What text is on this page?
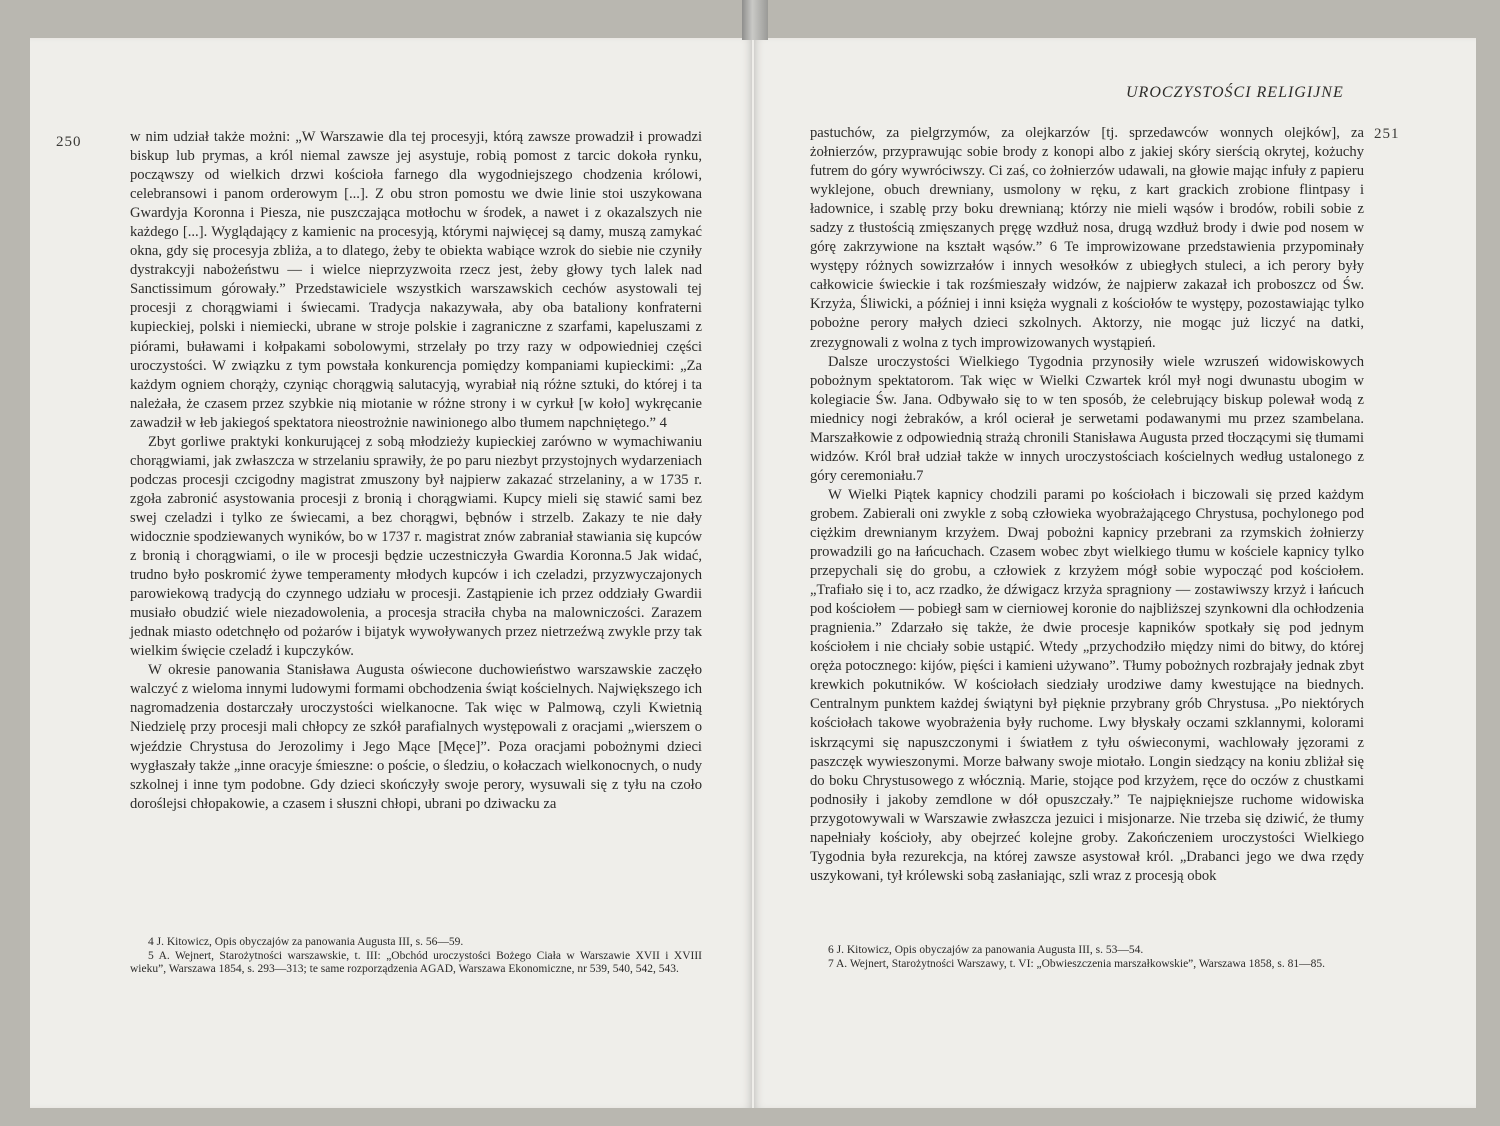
250	w nim udział także możni: „W Warszawie dla tej procesyji, którą zawsze prowadził i prowadzi biskup lub prymas, a król niemal zawsze jej asystuje, robią pomost z tarcic dokoła rynku, począwszy od wielkich drzwi kościoła farnego dla wygodniejszego chodzenia królowi, celebransowi i panom orderowym [...]. Z obu stron pomostu we dwie linie stoi uszykowana Gwardyja Koronna i Piesza, nie puszczająca motłochu w środek, a nawet i z okazalszych nie każdego [...]. Wyglądający z kamienic na procesyją, którymi najwięcej są damy, muszą zamykać okna, gdy się procesyja zbliża, a to dlatego, żeby te obiekta wabiące wzrok do siebie nie czyniły dystrakcyji nabożeństwu — i wielce nieprzyzwoita rzecz jest, żeby głowy tych lalek nad Sanctissimum górowały.” Przedstawiciele wszystkich warszawskich cechów asystowali tej procesji z chorągwiami i świecami. Tradycja nakazywała, aby oba bataliony konfraterni kupieckiej, polski i niemiecki, ubrane w stroje polskie i zagraniczne z szarfami, kapeluszami z piórami, buławami i kołpakami sobolowymi, strzelały po trzy razy w odpowiedniej części uroczystości. W związku z tym powstała konkurencja pomiędzy kompaniami kupieckimi: „Za każdym ogniem chorąży, czyniąc chorągwią salutacyją, wyrabiał nią różne sztuki, do której i ta należała, że czasem przez szybkie nią miotanie w różne strony i w cyrkuł [w koło] wykręcanie zawadził w łeb jakiegoś spektatora nieostrożnie nawinionego albo tłumem napchniętego.” 4

Zbyt gorliwe praktyki konkurującej z sobą młodzieży kupieckiej zarówno w wymachiwaniu chorągwiami, jak zwłaszcza w strzelaniu sprawiły, że po paru niezbyt przystojnych wydarzeniach podczas procesji czcigodny magistrat zmuszony był najpierw zakazać strzelaniny, a w 1735 r. zgoła zabronić asystowania procesji z bronią i chorągwiami. Kupcy mieli się stawić sami bez swej czeladzi i tylko ze świecami, a bez chorągwi, bębnów i strzelb. Zakazy te nie dały widocznie spodziewanych wyników, bo w 1737 r. magistrat znów zabraniał stawiania się kupców z bronią i chorągwiami, o ile w procesji będzie uczestniczyła Gwardia Koronna.5 Jak widać, trudno było poskromić żywe temperamenty młodych kupców i ich czeladzi, przyzwyczajonych parowiekową tradycją do czynnego udziału w procesji. Zastąpienie ich przez oddziały Gwardii musiało obudzić wiele niezadowolenia, a procesja straciła chyba na malowniczości. Zarazem jednak miasto odetchnęło od pożarów i bijatyk wywoływanych przez nietrzeźwą zwykle przy tak wielkim święcie czeladź i kupczyków.

W okresie panowania Stanisława Augusta oświecone duchowieństwo warszawskie zaczęło walczyć z wieloma innymi ludowymi formami obchodzenia świąt kościelnych. Największego ich nagromadzenia dostarczały uroczystości wielkanocne. Tak więc w Palmową, czyli Kwietnią Niedzielę przy procesji mali chłopcy ze szkół parafialnych występowali z oracjami „wierszem o wjeździe Chrystusa do Jerozolimy i Jego Mące [Męce]”. Poza oracjami pobożnymi dzieci wygłaszały także „inne oracyje śmieszne: o poście, o śledziu, o kołaczach wielkonocnych, o nudy szkolnej i inne tym podobne. Gdy dzieci skończyły swoje perory, wysuwali się z tyłu na czoło doroślejsi chłopakowie, a czasem i słuszni chłopi, ubrani po dziwacku za

4 J. Kitowicz, Opis obyczajów za panowania Augusta III, s. 56—59.

5 A. Wejnert, Starożytności warszawskie, t. III: „Obchód uroczystości Bożego Ciała w Warszawie XVII i XVIII wieku”, Warszawa 1854, s. 293—313; te same rozporządzenia AGAD, Warszawa Ekonomiczne, nr 539, 540, 542, 543.

UROCZYSTOŚCI RELIGIJNE
251

pastuchów, za pielgrzymów, za olejkarzów [tj. sprzedawców wonnych olejków], za żołnierzów, przyprawując sobie brody z konopi albo z jakiej skóry sierścią okrytej, kożuchy futrem do góry wywróciwszy. Ci zaś, co żołnierzów udawali, na głowie mając infuły z papieru wyklejone, obuch drewniany, usmolony w ręku, z kart grackich zrobione flintpasy i ładownice, i szablę przy boku drewnianą; którzy nie mieli wąsów i brodów, robili sobie z sadzy z tłustością zmięszanych pręgę wzdłuż nosa, drugą wzdłuż brody i dwie pod nosem w górę zakrzywione na kształt wąsów.” 6 Te improwizowane przedstawienia przypominały występy różnych sowizrzałów i innych wesołków z ubiegłych stuleci, a ich perory były całkowicie świeckie i tak rozśmieszały widzów, że najpierw zakazał ich proboszcz od Św. Krzyża, Śliwicki, a później i inni księża wygnali z kościołów te występy, pozostawiając tylko pobożne perory małych dzieci szkolnych. Aktorzy, nie mogąc już liczyć na datki, zrezygnowali z wolna z tych improwizowanych wystąpień.

Dalsze uroczystości Wielkiego Tygodnia przynosiły wiele wzruszeń widowiskowych pobożnym spektatorom. Tak więc w Wielki Czwartek król mył nogi dwunastu ubogim w kolegiacie Św. Jana. Odbywało się to w ten sposób, że celebrujący biskup polewał wodą z miednicy nogi żebraków, a król ocierał je serwetami podawanymi mu przez szambelana. Marszałkowie z odpowiednią strażą chronili Stanisława Augusta przed tłoczącymi się tłumami widzów. Król brał udział także w innych uroczystościach kościelnych według ustalonego z góry ceremoniału.7

W Wielki Piątek kapnicy chodzili parami po kościołach i biczowali się przed każdym grobem. Zabierali oni zwykle z sobą człowieka wyobrażającego Chrystusa, pochylonego pod ciężkim drewnianym krzyżem. Dwaj pobożni kapnicy przebrani za rzymskich żołnierzy prowadzili go na łańcuchach. Czasem wobec zbyt wielkiego tłumu w kościele kapnicy tylko przepychali się do grobu, a człowiek z krzyżem mógł sobie wypocząć pod kościołem. „Trafiało się i to, acz rzadko, że dźwigacz krzyża spragniony — zostawiwszy krzyż i łańcuch pod kościołem — pobiegł sam w cierniowej koronie do najbliższej szynkowni dla ochłodzenia pragnienia.” Zdarzało się także, że dwie procesje kapników spotkały się pod jednym kościołem i nie chciały sobie ustąpić. Wtedy „przychodziło między nimi do bitwy, do której oręża potocznego: kijów, pięści i kamieni używano”. Tłumy pobożnych rozbrajały jednak zbyt krewkich pokutników. W kościołach siedziały urodziwe damy kwestujące na biednych. Centralnym punktem każdej świątyni był pięknie przybrany grób Chrystusa. „Po niektórych kościołach takowe wyobrażenia były ruchome. Lwy błyskały oczami szklannymi, kolorami iskrzącymi się napuszczonymi i światłem z tyłu oświeconymi, wachlowały jęzorami z paszczęk wywieszonymi. Morze bałwany swoje miotało. Longin siedzący na koniu zbliżał się do boku Chrystusowego z włócznią. Marie, stojące pod krzyżem, ręce do oczów z chustkami podnosiły i jakoby zemdlone w dół opuszczały.” Te najpiękniejsze ruchome widowiska przygotowywali w Warszawie zwłaszcza jezuici i misjonarze. Nie trzeba się dziwić, że tłumy napełniały kościoły, aby obejrzeć kolejne groby. Zakończeniem uroczystości Wielkiego Tygodnia była rezurekcja, na której zawsze asystował król. „Drabanci jego we dwa rzędy uszykowani, tył królewski sobą zasłaniając, szli wraz z procesją obok

6 J. Kitowicz, Opis obyczajów za panowania Augusta III, s. 53—54.

7 A. Wejnert, Starożytności Warszawy, t. VI: „Obwieszczenia marszałkowskie”, Warszawa 1858, s. 81—85.
